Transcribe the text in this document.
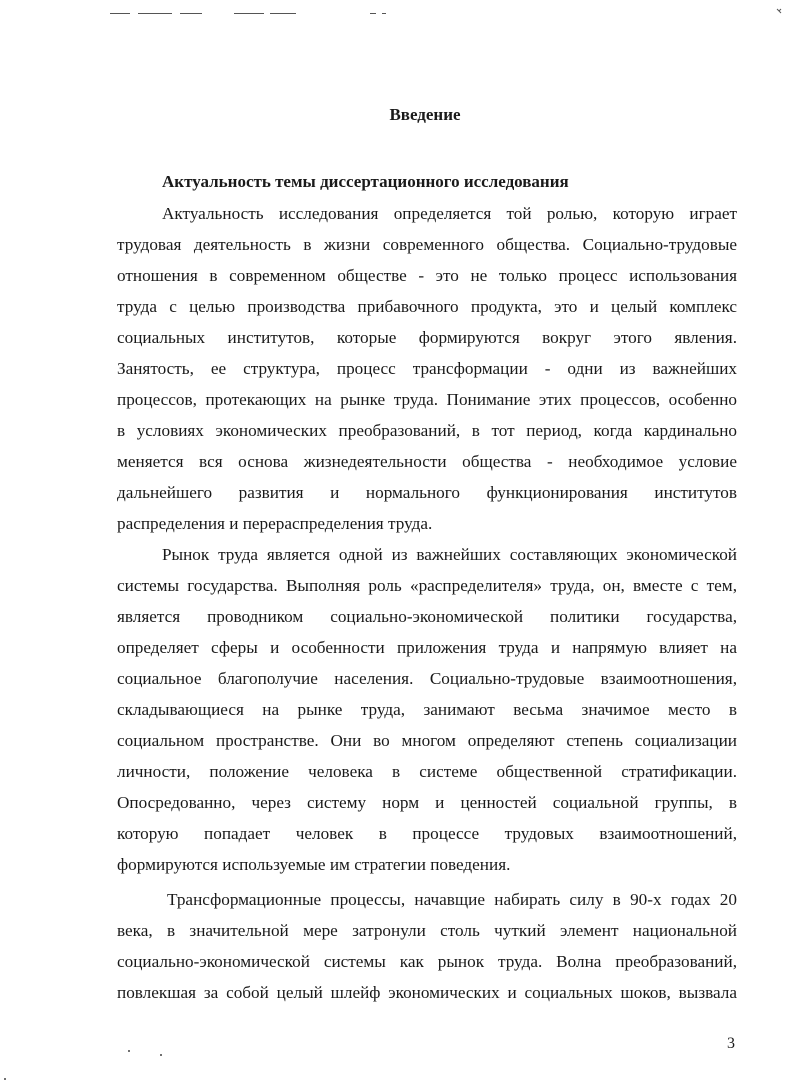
Введение
Актуальность темы диссертационного исследования
Актуальность исследования определяется той ролью, которую играет
трудовая деятельность в жизни современного общества. Социально-трудовые
отношения в современном обществе - это не только процесс использования
труда с целью производства прибавочного продукта, это и целый комплекс
социальных институтов, которые формируются вокруг этого явления.
Занятость, ее структура, процесс трансформации - одни из важнейших
процессов, протекающих на рынке труда. Понимание этих процессов, особенно
в условиях экономических преобразований, в тот период, когда кардинально
меняется вся основа жизнедеятельности общества - необходимое условие
дальнейшего развития и нормального функционирования институтов
распределения и перераспределения труда.
Рынок труда является одной из важнейших составляющих экономической
системы государства. Выполняя роль «распределителя» труда, он, вместе с тем,
является проводником социально-экономической политики государства,
определяет сферы и особенности приложения труда и напрямую влияет на
социальное благополучие населения. Социально-трудовые взаимоотношения,
складывающиеся на рынке труда, занимают весьма значимое место в
социальном пространстве. Они во многом определяют степень социализации
личности, положение человека в системе общественной стратификации.
Опосредованно, через систему норм и ценностей социальной группы, в
которую попадает человек в процессе трудовых взаимоотношений,
формируются используемые им стратегии поведения.
Трансформационные процессы, начавщие набирать силу в 90-х годах 20
века, в значительной мере затронули столь чуткий элемент национальной
социально-экономической системы как рынок труда. Волна преобразований,
повлекшая за собой целый шлейф экономических и социальных шоков, вызвала
3
